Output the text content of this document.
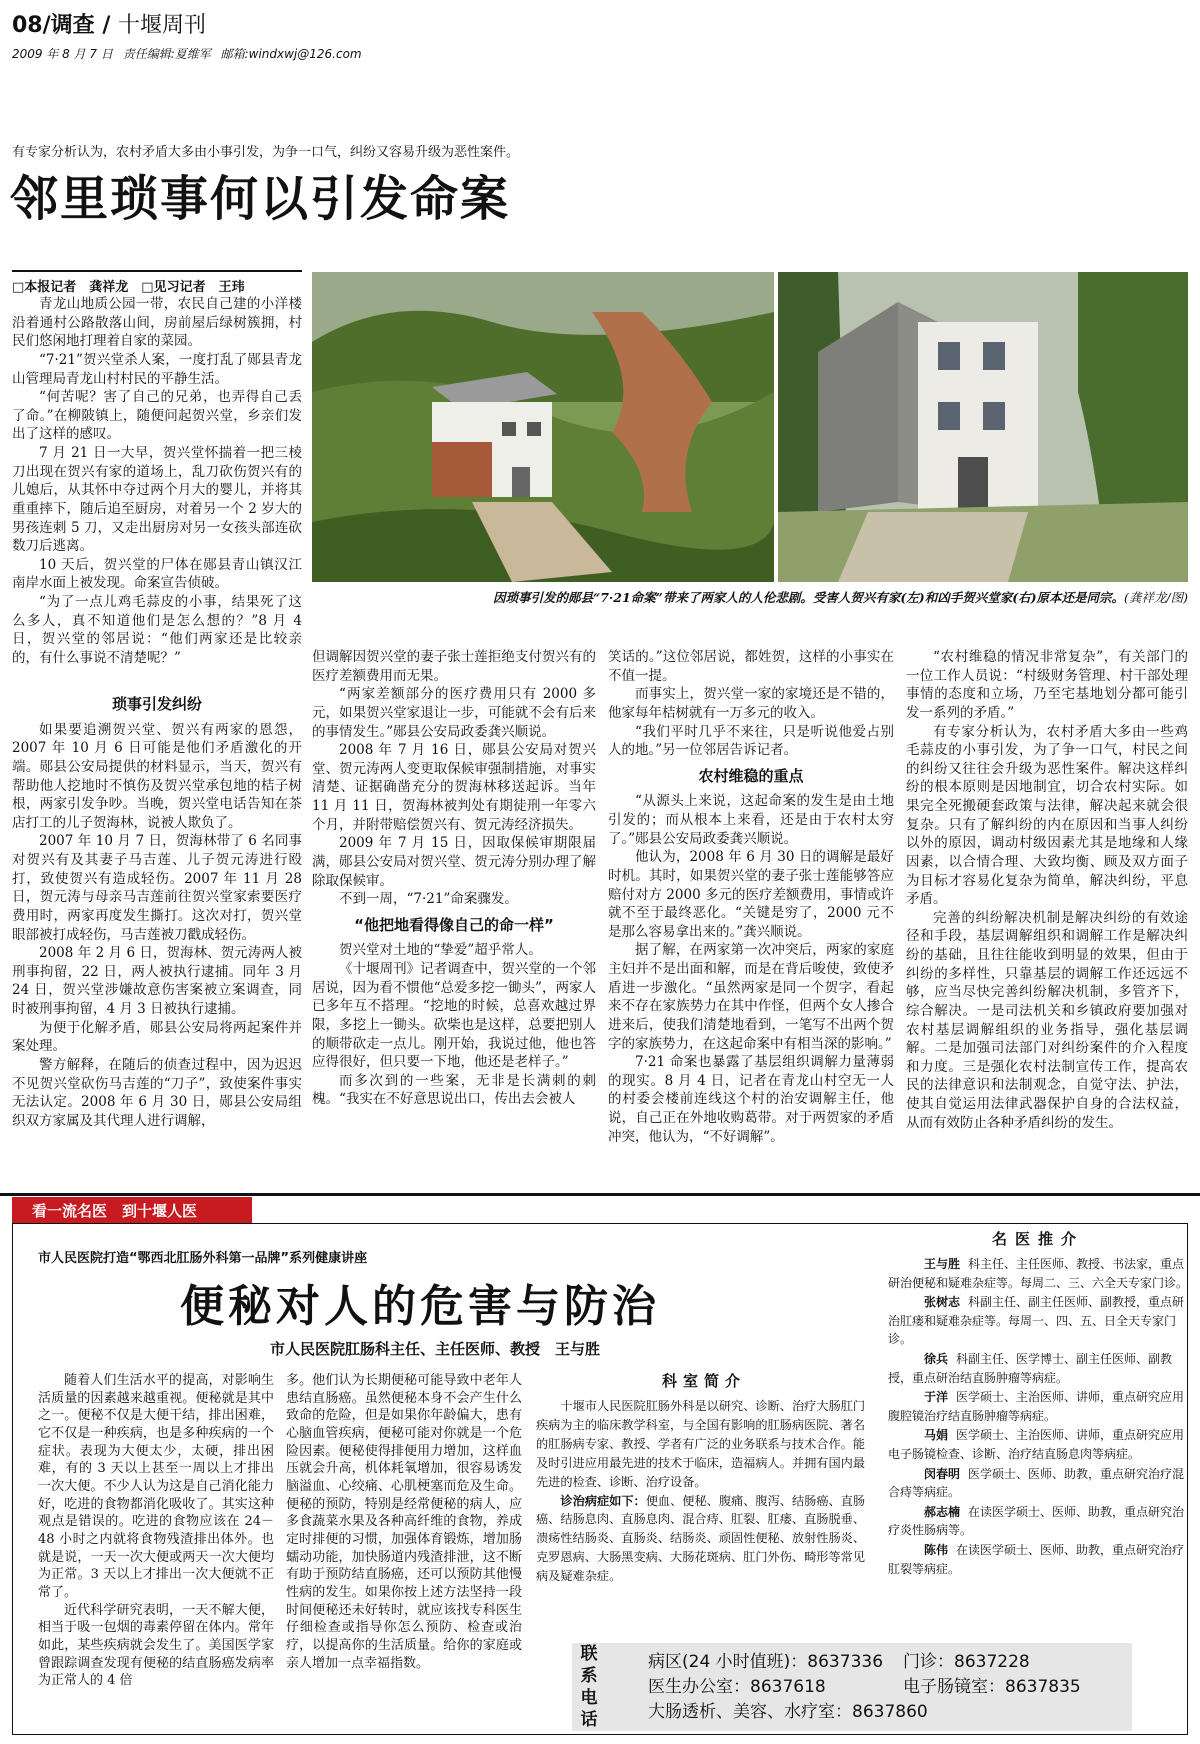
08/调查 / 十堰周刊
2009 年 8 月 7 日 责任编辑:夏维军 邮箱:windxwj@126.com
有专家分析认为，农村矛盾大多由小事引发，为争一口气，纠纷又容易升级为恶性案件。
邻里琐事何以引发命案
□本报记者　龚祥龙　□见习记者　王玮
因琐事引发的郧县“7·21命案”带来了两家人的人伦悲剧。受害人贺兴有家(左)和凶手贺兴堂家(右)原本还是同宗。(龚祥龙/图)

青龙山地质公园一带，农民自己建的小洋楼沿着通村公路散落山间，房前屋后绿树簇拥，村民们悠闲地打理着自家的菜园。

“7·21”贺兴堂杀人案，一度打乱了郧县青龙山管理局青龙山村村民的平静生活。

“何苦呢？害了自己的兄弟，也弄得自己丢了命。”在柳陂镇上，随便问起贺兴堂，乡亲们发出了这样的感叹。

7 月 21 日一大早，贺兴堂怀揣着一把三棱刀出现在贺兴有家的道场上，乱刀砍伤贺兴有的儿媳后，从其怀中夺过两个月大的婴儿，并将其重重摔下，随后追至厨房，对着另一个 2 岁大的男孩连刺 5 刀，又走出厨房对另一女孩头部连砍数刀后逃离。

10 天后，贺兴堂的尸体在郧县青山镇汉江南岸水面上被发现。命案宣告侦破。

“为了一点儿鸡毛蒜皮的小事，结果死了这么多人，真不知道他们是怎么想的？”8 月 4 日，贺兴堂的邻居说：“他们两家还是比较亲的，有什么事说不清楚呢？”

琐事引发纠纷

如果要追溯贺兴堂、贺兴有两家的恩怨，2007 年 10 月 6 日可能是他们矛盾激化的开端。郧县公安局提供的材料显示，当天，贺兴有帮助他人挖地时不慎伤及贺兴堂承包地的桔子树根，两家引发争吵。当晚，贺兴堂电话告知在茶店打工的儿子贺海林，说被人欺负了。

2007 年 10 月 7 日，贺海林带了 6 名同事对贺兴有及其妻子马吉莲、儿子贺元涛进行殴打，致使贺兴有造成轻伤。2007 年 11 月 28 日，贺元涛与母亲马吉莲前往贺兴堂家索要医疗费用时，两家再度发生撕打。这次对打，贺兴堂眼部被打成轻伤，马吉莲被刀戳成轻伤。

2008 年 2 月 6 日，贺海林、贺元涛两人被刑事拘留，22 日，两人被执行逮捕。同年 3 月 24 日，贺兴堂涉嫌故意伤害案被立案调查，同时被刑事拘留，4 月 3 日被执行逮捕。

为便于化解矛盾，郧县公安局将两起案件并案处理。

警方解释，在随后的侦查过程中，因为迟迟不见贺兴堂砍伤马吉莲的“刀子”，致使案件事实无法认定。2008 年 6 月 30 日，郧县公安局组织双方家属及其代理人进行调解，

但调解因贺兴堂的妻子张士莲拒绝支付贺兴有的医疗差额费用而无果。

“两家差额部分的医疗费用只有 2000 多元，如果贺兴堂家退让一步，可能就不会有后来的事情发生。”郧县公安局政委龚兴顺说。

2008 年 7 月 16 日，郧县公安局对贺兴堂、贺元涛两人变更取保候审强制措施，对事实清楚、证据确凿充分的贺海林移送起诉。当年 11 月 11 日，贺海林被判处有期徒刑一年零六个月，并附带赔偿贺兴有、贺元涛经济损失。

2009 年 7 月 15 日，因取保候审期限届满，郧县公安局对贺兴堂、贺元涛分别办理了解除取保候审。

不到一周，“7·21”命案骤发。

“他把地看得像自己的命一样”

贺兴堂对土地的“挚爱”超乎常人。

《十堰周刊》记者调查中，贺兴堂的一个邻居说，因为看不惯他“总爱多挖一锄头”，两家人已多年互不搭理。“挖地的时候，总喜欢越过界限，多挖上一锄头。砍柴也是这样，总要把别人的顺带砍走一点儿。刚开始，我说过他，他也答应得很好，但只要一下地，他还是老样子。”

而多次到的一些案，无非是长满刺的刺槐。“我实在不好意思说出口，传出去会被人

笑话的。”这位邻居说，都姓贺，这样的小事实在不值一提。

而事实上，贺兴堂一家的家境还是不错的，他家每年桔树就有一万多元的收入。

“我们平时几乎不来往，只是听说他爱占别人的地。”另一位邻居告诉记者。

农村维稳的重点

“从源头上来说，这起命案的发生是由土地引发的；而从根本上来看，还是由于农村太穷了。”郧县公安局政委龚兴顺说。

他认为，2008 年 6 月 30 日的调解是最好时机。其时，如果贺兴堂的妻子张士莲能够答应赔付对方 2000 多元的医疗差额费用，事情或许就不至于最终恶化。“关键是穷了，2000 元不是那么容易拿出来的。”龚兴顺说。

据了解，在两家第一次冲突后，两家的家庭主妇并不是出面和解，而是在背后唆使，致使矛盾进一步激化。“虽然两家是同一个贺字，看起来不存在家族势力在其中作怪，但两个女人掺合进来后，使我们清楚地看到，一笔写不出两个贺字的家族势力，在这起命案中有相当深的影响。”

7·21 命案也暴露了基层组织调解力量薄弱的现实。8 月 4 日，记者在青龙山村空无一人的村委会楼前连线这个村的治安调解主任，他说，自己正在外地收购葛带。对于两贺家的矛盾冲突，他认为，“不好调解”。

“农村维稳的情况非常复杂”，有关部门的一位工作人员说：“村级财务管理、村干部处理事情的态度和立场，乃至宅基地划分都可能引发一系列的矛盾。”

有专家分析认为，农村矛盾大多由一些鸡毛蒜皮的小事引发，为了争一口气，村民之间的纠纷又往往会升级为恶性案件。解决这样纠纷的根本原则是因地制宜，切合农村实际。如果完全死搬硬套政策与法律，解决起来就会很复杂。只有了解纠纷的内在原因和当事人纠纷以外的原因，调动村级因素尤其是地缘和人缘因素，以合情合理、大致均衡、顾及双方面子为目标才容易化复杂为简单，解决纠纷，平息矛盾。

完善的纠纷解决机制是解决纠纷的有效途径和手段，基层调解组织和调解工作是解决纠纷的基础，且往往能收到明显的效果，但由于纠纷的多样性，只靠基层的调解工作还远远不够，应当尽快完善纠纷解决机制，多管齐下，综合解决。一是司法机关和乡镇政府要加强对农村基层调解组织的业务指导，强化基层调解。二是加强司法部门对纠纷案件的介入程度和力度。三是强化农村法制宣传工作，提高农民的法律意识和法制观念，自觉守法、护法，使其自觉运用法律武器保护自身的合法权益，从而有效防止各种矛盾纠纷的发生。

看一流名医　到十堰人医
市人民医院打造“鄂西北肛肠外科第一品牌”系列健康讲座
便秘对人的危害与防治
市人民医院肛肠科主任、主任医师、教授　王与胜

随着人们生活水平的提高，对影响生活质量的因素越来越重视。便秘就是其中之一。便秘不仅是大便干结，排出困难，它不仅是一种疾病，也是多种疾病的一个症状。表现为大便太少，太硬，排出困难，有的 3 天以上甚至一周以上才排出一次大便。不少人认为这是自己消化能力好，吃进的食物都消化吸收了。其实这种观点是错误的。吃进的食物应该在 24－48 小时之内就将食物残渣排出体外。也就是说，一天一次大便或两天一次大便均为正常。3 天以上才排出一次大便就不正常了。

近代科学研究表明，一天不解大便，相当于吸一包烟的毒素停留在体内。常年如此，某些疾病就会发生了。美国医学家曾跟踪调查发现有便秘的结直肠癌发病率为正常人的 4 倍

多。他们认为长期便秘可能导致中老年人患结直肠癌。虽然便秘本身不会产生什么致命的危险，但是如果你年龄偏大，患有心脑血管疾病，便秘可能对你就是一个危险因素。便秘使得排便用力增加，这样血压就会升高，机体耗氧增加，很容易诱发脑溢血、心绞痛、心肌梗塞而危及生命。便秘的预防，特别是经常便秘的病人，应多食蔬菜水果及各种高纤维的食物，养成定时排便的习惯，加强体育锻炼，增加肠蠕动功能，加快肠道内残渣排泄，这不断有助于预防结直肠癌，还可以预防其他慢性病的发生。如果你按上述方法坚持一段时间便秘还未好转时，就应该找专科医生仔细检查或指导你怎么预防、检查或治疗，以提高你的生活质量。给你的家庭或亲人增加一点幸福指数。

科室简介

十堰市人民医院肛肠外科是以研究、诊断、治疗大肠肛门疾病为主的临床教学科室，与全国有影响的肛肠病医院、著名的肛肠病专家、教授、学者有广泛的业务联系与技术合作。能及时引进应用最先进的技术于临床，造福病人。并拥有国内最先进的检查、诊断、治疗设备。

诊治病症如下：便血、便秘、腹痛、腹泻、结肠癌、直肠癌、结肠息肉、直肠息肉、混合痔、肛裂、肛瘘、直肠脱垂、溃疡性结肠炎、直肠炎、结肠炎、顽固性便秘、放射性肠炎、克罗恩病、大肠黑变病、大肠花斑病、肛门外伤、畸形等常见病及疑难杂症。

名医推介
王与胜 科主任、主任医师、教授、书法家，重点研治便秘和疑难杂症等。每周二、三、六全天专家门诊。
张树志 科副主任、副主任医师、副教授，重点研治肛瘘和疑难杂症等。每周一、四、五、日全天专家门诊。
徐兵 科副主任、医学博士、副主任医师、副教授，重点研治结直肠肿瘤等病症。
于洋 医学硕士、主治医师、讲师，重点研究应用腹腔镜治疗结直肠肿瘤等病症。
马娟 医学硕士、主治医师、讲师，重点研究应用电子肠镜检查、诊断、治疗结直肠息肉等病症。
闵春明 医学硕士、医师、助教，重点研究治疗混合痔等病症。
郝志楠 在读医学硕士、医师、助教，重点研究治疗炎性肠病等。
陈伟 在读医学硕士、医师、助教，重点研究治疗肛裂等病症。
联
系
电
话
病区(24 小时值班)：8637336	门诊：8637228
医生办公室：8637618	电子肠镜室：8637835
大肠透析、美容、水疗室：8637860
